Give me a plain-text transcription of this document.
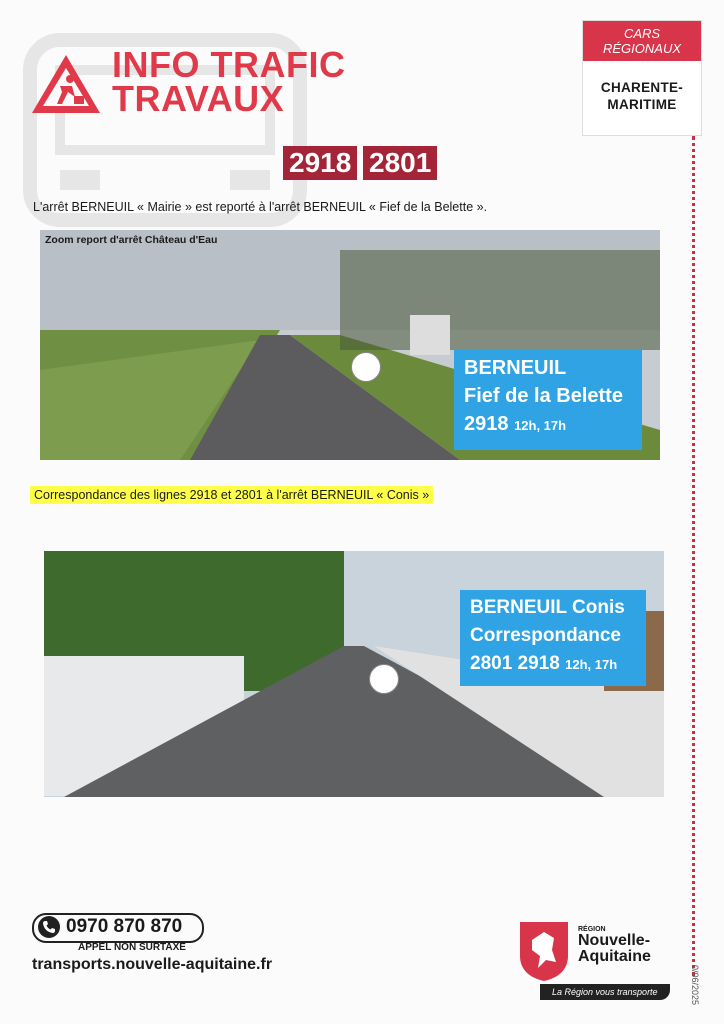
INFO TRAFIC
TRAVAUX
CARS RÉGIONAUX
CHARENTE-MARITIME
2918 2801
L'arrêt BERNEUIL « Mairie » est reporté à l'arrêt BERNEUIL « Fief de la Belette ».
Zoom report d'arrêt Château d'Eau
BERNEUIL
Fief de la Belette
2918 12h, 17h
Correspondance des lignes 2918 et 2801 à l'arrêt BERNEUIL « Conis »
BERNEUIL Conis
Correspondance
2801 2918 12h, 17h
0970 870 870
APPEL NON SURTAXÉ
transports.nouvelle-aquitaine.fr
RÉGION
Nouvelle-
Aquitaine
La Région vous transporte	0/06/2025
